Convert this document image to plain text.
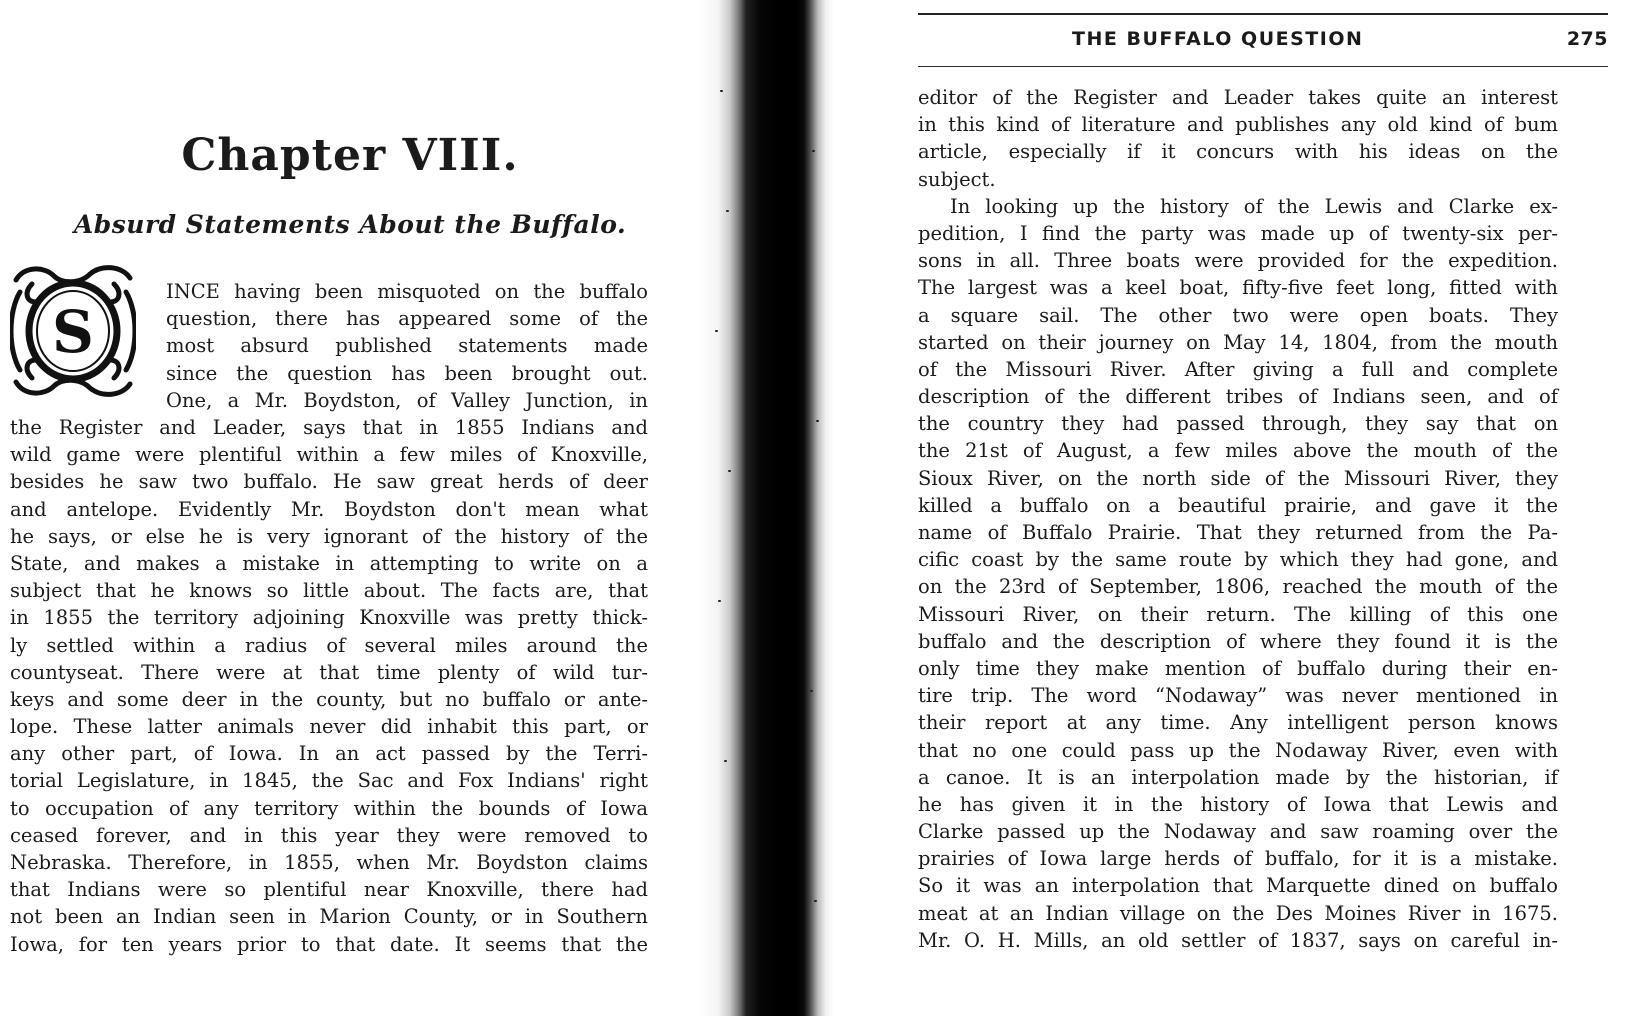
Chapter VIII.
Absurd Statements About the Buffalo.
S
INCE having been misquoted on the buffalo
question, there has appeared some of the
most absurd published statements made
since the question has been brought out.
One, a Mr. Boydston, of Valley Junction, in
the Register and Leader, says that in 1855 Indians and
wild game were plentiful within a few miles of Knoxville,
besides he saw two buffalo. He saw great herds of deer
and antelope. Evidently Mr. Boydston don't mean what
he says, or else he is very ignorant of the history of the
State, and makes a mistake in attempting to write on a
subject that he knows so little about. The facts are, that
in 1855 the territory adjoining Knoxville was pretty thick-
ly settled within a radius of several miles around the
countyseat. There were at that time plenty of wild tur-
keys and some deer in the county, but no buffalo or ante-
lope. These latter animals never did inhabit this part, or
any other part, of Iowa. In an act passed by the Terri-
torial Legislature, in 1845, the Sac and Fox Indians' right
to occupation of any territory within the bounds of Iowa
ceased forever, and in this year they were removed to
Nebraska. Therefore, in 1855, when Mr. Boydston claims
that Indians were so plentiful near Knoxville, there had
not been an Indian seen in Marion County, or in Southern
Iowa, for ten years prior to that date. It seems that the
THE BUFFALO QUESTION	275
editor of the Register and Leader takes quite an interest
in this kind of literature and publishes any old kind of bum
article, especially if it concurs with his ideas on the
subject.
In looking up the history of the Lewis and Clarke ex-
pedition, I find the party was made up of twenty-six per-
sons in all. Three boats were provided for the expedition.
The largest was a keel boat, fifty-five feet long, fitted with
a square sail. The other two were open boats. They
started on their journey on May 14, 1804, from the mouth
of the Missouri River. After giving a full and complete
description of the different tribes of Indians seen, and of
the country they had passed through, they say that on
the 21st of August, a few miles above the mouth of the
Sioux River, on the north side of the Missouri River, they
killed a buffalo on a beautiful prairie, and gave it the
name of Buffalo Prairie. That they returned from the Pa-
cific coast by the same route by which they had gone, and
on the 23rd of September, 1806, reached the mouth of the
Missouri River, on their return. The killing of this one
buffalo and the description of where they found it is the
only time they make mention of buffalo during their en-
tire trip. The word “Nodaway” was never mentioned in
their report at any time. Any intelligent person knows
that no one could pass up the Nodaway River, even with
a canoe. It is an interpolation made by the historian, if
he has given it in the history of Iowa that Lewis and
Clarke passed up the Nodaway and saw roaming over the
prairies of Iowa large herds of buffalo, for it is a mistake.
So it was an interpolation that Marquette dined on buffalo
meat at an Indian village on the Des Moines River in 1675.
Mr. O. H. Mills, an old settler of 1837, says on careful in-
